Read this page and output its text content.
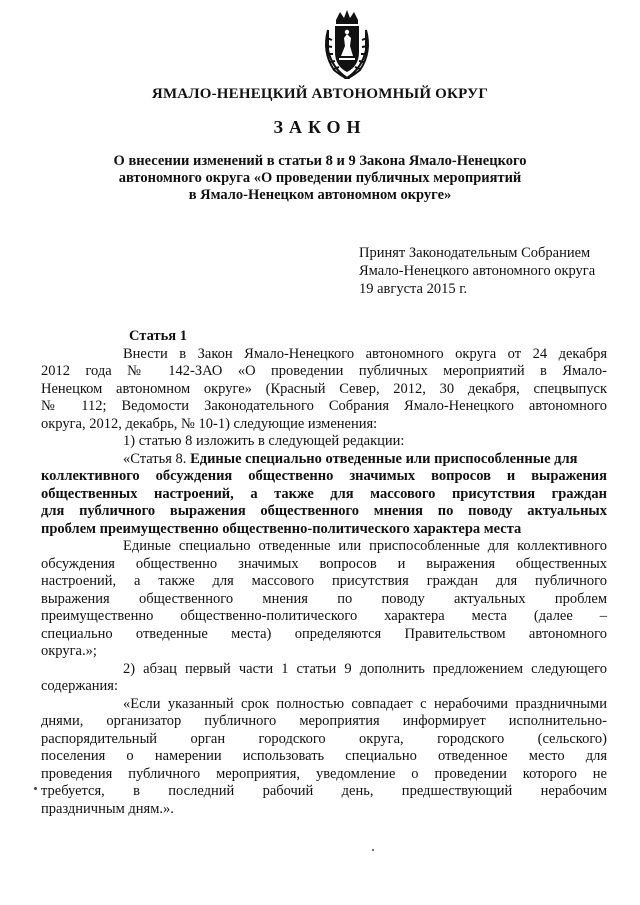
ЯМАЛО-НЕНЕЦКИЙ АВТОНОМНЫЙ ОКРУГ
ЗАКОН
О внесении изменений в статьи 8 и 9 Закона Ямало-Ненецкого
автономного округа «О проведении публичных мероприятий
в Ямало-Ненецком автономном округе»
Принят Законодательным Собранием
Ямало-Ненецкого автономного округа
19 августа 2015 г.
Статья 1
Внести в Закон Ямало-Ненецкого автономного округа от 24 декабря
2012 года № 142-ЗАО «О проведении публичных мероприятий в Ямало-
Ненецком автономном округе» (Красный Север, 2012, 30 декабря, спецвыпуск
№ 112; Ведомости Законодательного Собрания Ямало-Ненецкого автономного
округа, 2012, декабрь, № 10-1) следующие изменения:
1) статью 8 изложить в следующей редакции:
«Статья 8. Единые специально отведенные или приспособленные для
коллективного обсуждения общественно значимых вопросов и выражения
общественных настроений, а также для массового присутствия граждан
для публичного выражения общественного мнения по поводу актуальных
проблем преимущественно общественно-политического характера места
Единые специально отведенные или приспособленные для коллективного
обсуждения общественно значимых вопросов и выражения общественных
настроений, а также для массового присутствия граждан для публичного
выражения общественного мнения по поводу актуальных проблем
преимущественно общественно-политического характера места (далее –
специально отведенные места) определяются Правительством автономного
округа.»;
2) абзац первый части 1 статьи 9 дополнить предложением следующего
содержания:
«Если указанный срок полностью совпадает с нерабочими праздничными
днями, организатор публичного мероприятия информирует исполнительно-
распорядительный орган городского округа, городского (сельского)
поселения о намерении использовать специально отведенное место для
проведения публичного мероприятия, уведомление о проведении которого не
требуется, в последний рабочий день, предшествующий нерабочим
праздничным дням.».
